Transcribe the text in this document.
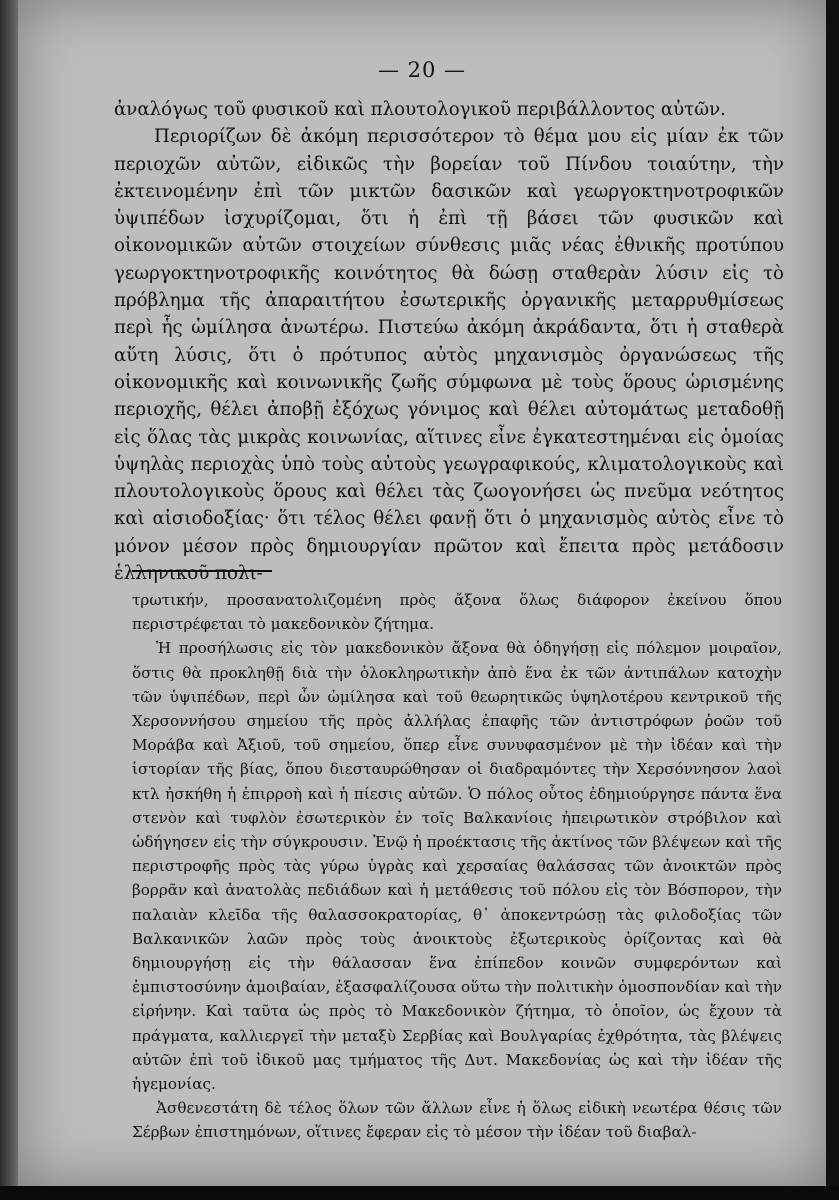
— 20 —

ἀναλόγως τοῦ φυσικοῦ καὶ πλουτολογικοῦ περιβάλλοντος αὐτῶν.

Περιορίζων δὲ ἀκόμη περισσότερον τὸ θέμα μου εἰς μίαν ἐκ τῶν περιοχῶν αὐτῶν, εἰδικῶς τὴν βορείαν τοῦ Πίνδου τοιαύτην, τὴν ἐκτεινομένην ἐπὶ τῶν μικτῶν δασικῶν καὶ γεωργοκτηνοτροφικῶν ὑψιπέδων ἰσχυρίζομαι, ὅτι ἡ ἐπὶ τῇ βάσει τῶν φυσικῶν καὶ οἰκονομικῶν αὐτῶν στοιχείων σύνθεσις μιᾶς νέας ἐθνικῆς προτύπου γεωργοκτηνοτροφικῆς κοινότητος θὰ δώσῃ σταθερὰν λύσιν εἰς τὸ πρόβλημα τῆς ἀπαραιτήτου ἐσωτερικῆς ὀργανικῆς μεταρρυθμίσεως περὶ ἧς ὡμίλησα ἀνωτέρω. Πιστεύω ἀκόμη ἀκράδαντα, ὅτι ἡ σταθερὰ αὕτη λύσις, ὅτι ὁ πρότυπος αὐτὸς μηχανισμὸς ὀργανώσεως τῆς οἰκονομικῆς καὶ κοινωνικῆς ζωῆς σύμφωνα μὲ τοὺς ὅρους ὡρισμένης περιοχῆς, θέλει ἀποβῇ ἐξόχως γόνιμος καὶ θέλει αὐτομάτως μεταδοθῇ εἰς ὅλας τὰς μικρὰς κοινωνίας, αἵτινες εἶνε ἐγκατεστημέναι εἰς ὁμοίας ὑψηλὰς περιοχὰς ὑπὸ τοὺς αὐτοὺς γεωγραφικούς, κλιματολογικοὺς καὶ πλουτολογικοὺς ὅρους καὶ θέλει τὰς ζωογονήσει ὡς πνεῦμα νεότητος καὶ αἰσιοδοξίας· ὅτι τέλος θέλει φανῇ ὅτι ὁ μηχανισμὸς αὐτὸς εἶνε τὸ μόνον μέσον πρὸς δημιουργίαν πρῶτον καὶ ἔπειτα πρὸς μετάδοσιν ἑλληνικοῦ πολι-

τρωτικήν, προσανατολιζομένη πρὸς ἄξονα ὅλως διάφορον ἐκείνου ὅπου περιστρέφεται τὸ μακεδονικὸν ζήτημα.

Ἡ προσήλωσις εἰς τὸν μακεδονικὸν ἄξονα θὰ ὁδηγήσῃ εἰς πόλεμον μοιραῖον, ὅστις θὰ προκληθῇ διὰ τὴν ὁλοκληρωτικὴν ἀπὸ ἕνα ἐκ τῶν ἀντιπάλων κατοχὴν τῶν ὑψιπέδων, περὶ ὧν ὡμίλησα καὶ τοῦ θεωρητικῶς ὑψηλοτέρου κεντρικοῦ τῆς Χερσοννήσου σημείου τῆς πρὸς ἀλλήλας ἐπαφῆς τῶν ἀντιστρόφων ῥοῶν τοῦ Μοράβα καὶ Ἀξιοῦ, τοῦ σημείου, ὅπερ εἶνε συνυφασμένον μὲ τὴν ἰδέαν καὶ τὴν ἱστορίαν τῆς βίας, ὅπου διεσταυρώθησαν οἱ διαδραμόντες τὴν Χερσόννησον λαοὶ κτλ ἠσκήθη ἡ ἐπιρροὴ καὶ ἡ πίεσις αὐτῶν. Ὁ πόλος οὗτος ἐδημιούργησε πάντα ἕνα στενὸν καὶ τυφλὸν ἐσωτερικὸν ἐν τοῖς Βαλκανίοις ἠπειρωτικὸν στρόβιλον καὶ ὡδήγησεν εἰς τὴν σύγκρουσιν. Ἐνῷ ἡ προέκτασις τῆς ἀκτίνος τῶν βλέψεων καὶ τῆς περιστροφῆς πρὸς τὰς γύρω ὑγρὰς καὶ χερσαίας θαλάσσας τῶν ἀνοικτῶν πρὸς βορρᾶν καὶ ἀνατολὰς πεδιάδων καὶ ἡ μετάθεσις τοῦ πόλου εἰς τὸν Βόσπορον, τὴν παλαιὰν κλεῖδα τῆς θαλασσοκρατορίας, θ᾿ ἀποκεντρώσῃ τὰς φιλοδοξίας τῶν Βαλκανικῶν λαῶν πρὸς τοὺς ἀνοικτοὺς ἐξωτερικοὺς ὁρίζοντας καὶ θὰ δημιουργήσῃ εἰς τὴν θάλασσαν ἕνα ἐπίπεδον κοινῶν συμφερόντων καὶ ἐμπιστοσύνην ἀμοιβαίαν, ἐξασφαλίζουσα οὕτω τὴν πολιτικὴν ὁμοσπονδίαν καὶ τὴν εἰρήνην. Καὶ ταῦτα ὡς πρὸς τὸ Μακεδονικὸν ζήτημα, τὸ ὁποῖον, ὡς ἔχουν τὰ πράγματα, καλλιεργεῖ τὴν μεταξὺ Σερβίας καὶ Βουλγαρίας ἐχθρότητα, τὰς βλέψεις αὐτῶν ἐπὶ τοῦ ἰδικοῦ μας τμήματος τῆς Δυτ. Μακεδονίας ὡς καὶ τὴν ἰδέαν τῆς ἡγεμονίας.

Ἀσθενεστάτη δὲ τέλος ὅλων τῶν ἄλλων εἶνε ἡ ὅλως εἰδικὴ νεωτέρα θέσις τῶν Σέρβων ἐπιστημόνων, οἵτινες ἔφεραν εἰς τὸ μέσον τὴν ἰδέαν τοῦ διαβαλ-
